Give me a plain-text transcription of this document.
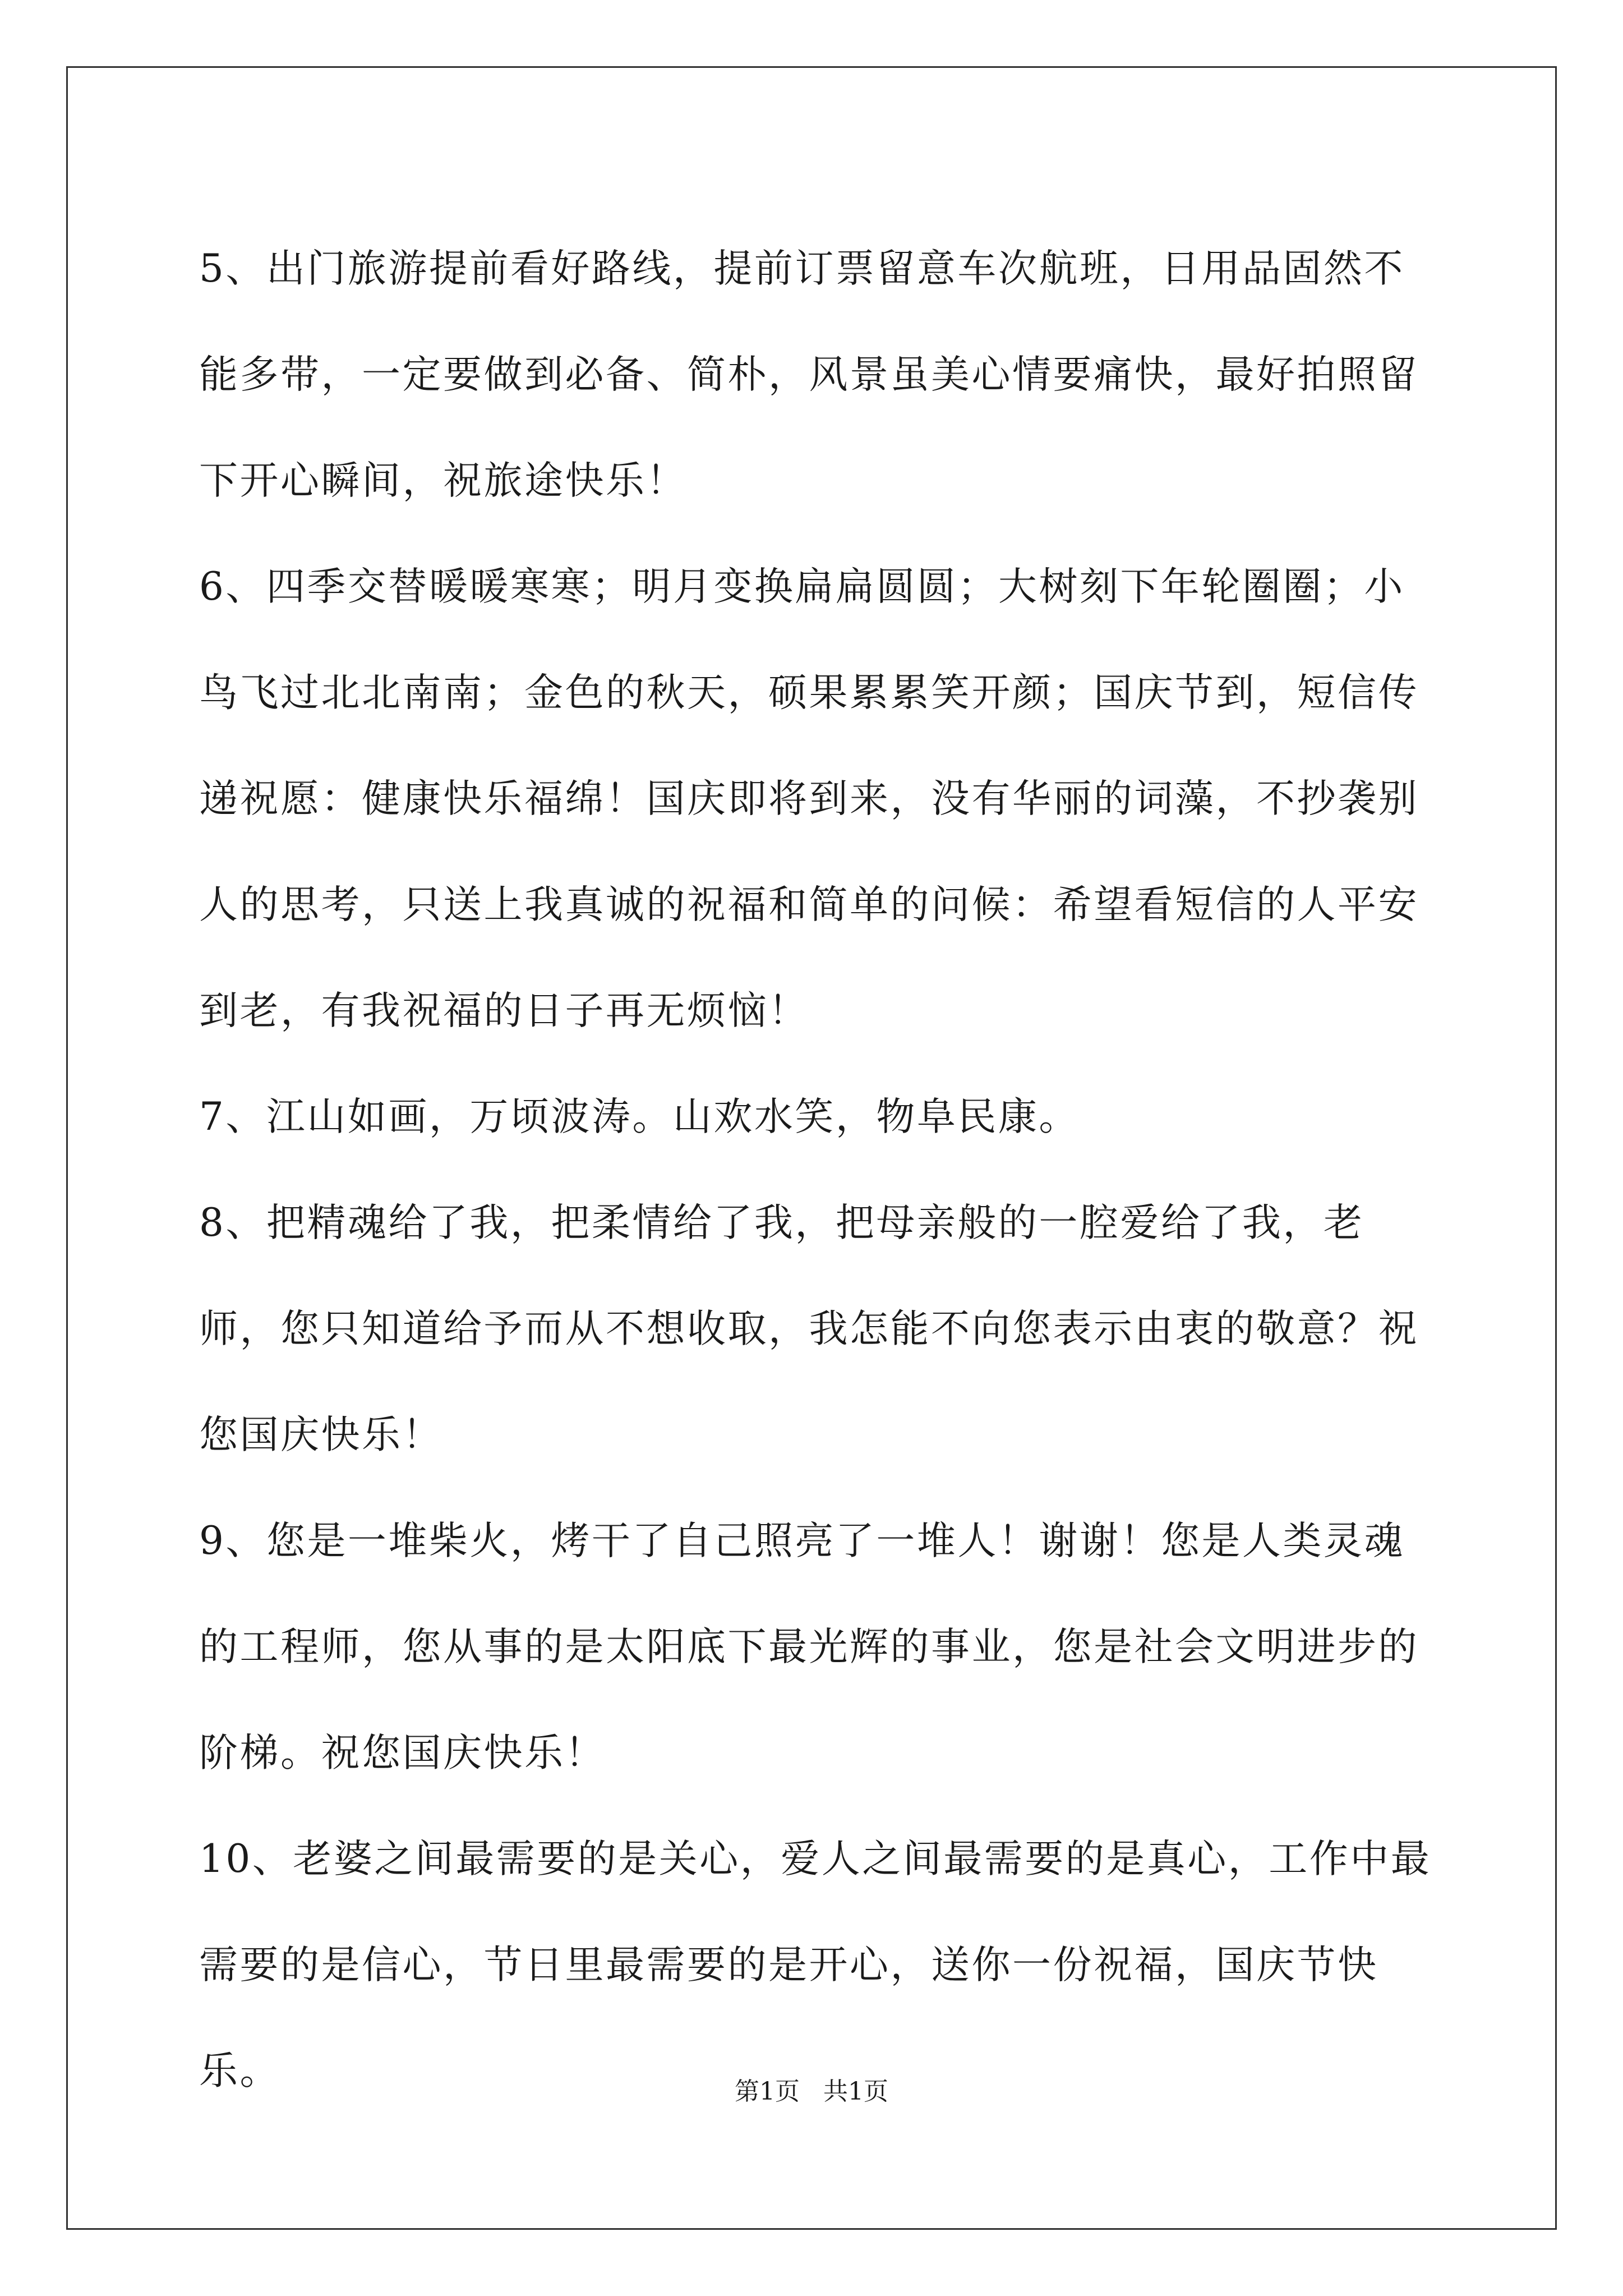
5、出门旅游提前看好路线，提前订票留意车次航班，日用品固然不能多带，一定要做到必备、简朴，风景虽美心情要痛快，最好拍照留下开心瞬间，祝旅途快乐！

6、四季交替暖暖寒寒；明月变换扁扁圆圆；大树刻下年轮圈圈；小鸟飞过北北南南；金色的秋天，硕果累累笑开颜；国庆节到，短信传递祝愿：健康快乐福绵！国庆即将到来，没有华丽的词藻，不抄袭别人的思考，只送上我真诚的祝福和简单的问候：希望看短信的人平安到老，有我祝福的日子再无烦恼！

7、江山如画，万顷波涛。山欢水笑，物阜民康。

8、把精魂给了我，把柔情给了我，把母亲般的一腔爱给了我，老师，您只知道给予而从不想收取，我怎能不向您表示由衷的敬意？祝您国庆快乐！

9、您是一堆柴火，烤干了自己照亮了一堆人！谢谢！您是人类灵魂的工程师，您从事的是太阳底下最光辉的事业，您是社会文明进步的阶梯。祝您国庆快乐！

10、老婆之间最需要的是关心，爱人之间最需要的是真心，工作中最需要的是信心，节日里最需要的是开心，送你一份祝福，国庆节快乐。	第1页   共1页
